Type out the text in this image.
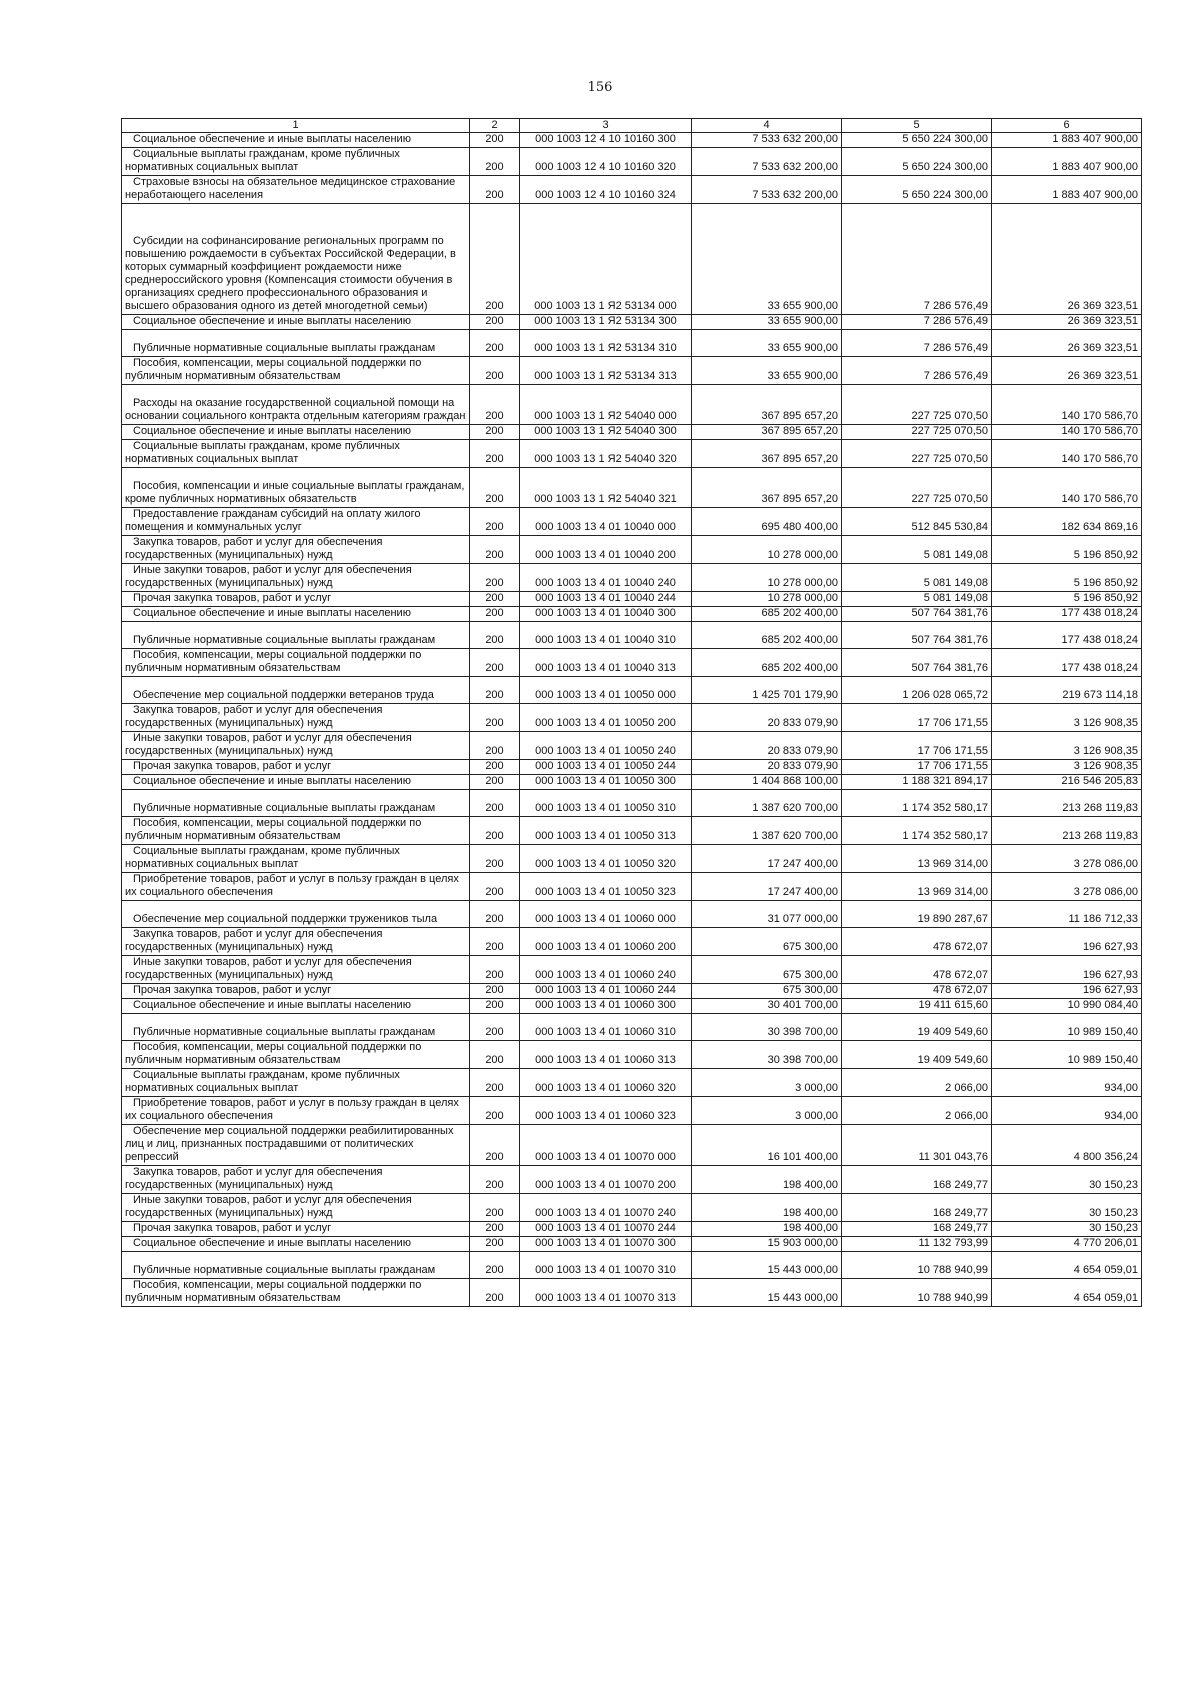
156
1	2	3	4	5	6

Социальное обеспечение и иные выплаты населению	200	000 1003 12 4 10 10160 300	7 533 632 200,00	5 650 224 300,00	1 883 407 900,00

Социальные выплаты гражданам, кроме публичных нормативных социальных выплат	200	000 1003 12 4 10 10160 320	7 533 632 200,00	5 650 224 300,00	1 883 407 900,00

Страховые взносы на обязательное медицинское страхование неработающего населения	200	000 1003 12 4 10 10160 324	7 533 632 200,00	5 650 224 300,00	1 883 407 900,00

Субсидии на софинансирование региональных программ по повышению рождаемости в субъектах Российской Федерации, в которых суммарный коэффициент рождаемости ниже среднероссийского уровня (Компенсация стоимости обучения в организациях среднего профессионального образования и высшего образования одного из детей многодетной семьи)	200	000 1003 13 1 Я2 53134 000	33 655 900,00	7 286 576,49	26 369 323,51

Социальное обеспечение и иные выплаты населению	200	000 1003 13 1 Я2 53134 300	33 655 900,00	7 286 576,49	26 369 323,51

Публичные нормативные социальные выплаты гражданам	200	000 1003 13 1 Я2 53134 310	33 655 900,00	7 286 576,49	26 369 323,51

Пособия, компенсации, меры социальной поддержки по публичным нормативным обязательствам	200	000 1003 13 1 Я2 53134 313	33 655 900,00	7 286 576,49	26 369 323,51

Расходы на оказание государственной социальной помощи на основании социального контракта отдельным категориям граждан	200	000 1003 13 1 Я2 54040 000	367 895 657,20	227 725 070,50	140 170 586,70

Социальное обеспечение и иные выплаты населению	200	000 1003 13 1 Я2 54040 300	367 895 657,20	227 725 070,50	140 170 586,70

Социальные выплаты гражданам, кроме публичных нормативных социальных выплат	200	000 1003 13 1 Я2 54040 320	367 895 657,20	227 725 070,50	140 170 586,70

Пособия, компенсации и иные социальные выплаты гражданам, кроме публичных нормативных обязательств	200	000 1003 13 1 Я2 54040 321	367 895 657,20	227 725 070,50	140 170 586,70

Предоставление гражданам субсидий на оплату жилого помещения и коммунальных услуг	200	000 1003 13 4 01 10040 000	695 480 400,00	512 845 530,84	182 634 869,16

Закупка товаров, работ и услуг для обеспечения государственных (муниципальных) нужд	200	000 1003 13 4 01 10040 200	10 278 000,00	5 081 149,08	5 196 850,92

Иные закупки товаров, работ и услуг для обеспечения государственных (муниципальных) нужд	200	000 1003 13 4 01 10040 240	10 278 000,00	5 081 149,08	5 196 850,92

Прочая закупка товаров, работ и услуг	200	000 1003 13 4 01 10040 244	10 278 000,00	5 081 149,08	5 196 850,92

Социальное обеспечение и иные выплаты населению	200	000 1003 13 4 01 10040 300	685 202 400,00	507 764 381,76	177 438 018,24

Публичные нормативные социальные выплаты гражданам	200	000 1003 13 4 01 10040 310	685 202 400,00	507 764 381,76	177 438 018,24

Пособия, компенсации, меры социальной поддержки по публичным нормативным обязательствам	200	000 1003 13 4 01 10040 313	685 202 400,00	507 764 381,76	177 438 018,24

Обеспечение мер социальной поддержки ветеранов труда	200	000 1003 13 4 01 10050 000	1 425 701 179,90	1 206 028 065,72	219 673 114,18

Закупка товаров, работ и услуг для обеспечения государственных (муниципальных) нужд	200	000 1003 13 4 01 10050 200	20 833 079,90	17 706 171,55	3 126 908,35

Иные закупки товаров, работ и услуг для обеспечения государственных (муниципальных) нужд	200	000 1003 13 4 01 10050 240	20 833 079,90	17 706 171,55	3 126 908,35

Прочая закупка товаров, работ и услуг	200	000 1003 13 4 01 10050 244	20 833 079,90	17 706 171,55	3 126 908,35

Социальное обеспечение и иные выплаты населению	200	000 1003 13 4 01 10050 300	1 404 868 100,00	1 188 321 894,17	216 546 205,83

Публичные нормативные социальные выплаты гражданам	200	000 1003 13 4 01 10050 310	1 387 620 700,00	1 174 352 580,17	213 268 119,83

Пособия, компенсации, меры социальной поддержки по публичным нормативным обязательствам	200	000 1003 13 4 01 10050 313	1 387 620 700,00	1 174 352 580,17	213 268 119,83

Социальные выплаты гражданам, кроме публичных нормативных социальных выплат	200	000 1003 13 4 01 10050 320	17 247 400,00	13 969 314,00	3 278 086,00

Приобретение товаров, работ и услуг в пользу граждан в целях их социального обеспечения	200	000 1003 13 4 01 10050 323	17 247 400,00	13 969 314,00	3 278 086,00

Обеспечение мер социальной поддержки тружеников тыла	200	000 1003 13 4 01 10060 000	31 077 000,00	19 890 287,67	11 186 712,33

Закупка товаров, работ и услуг для обеспечения государственных (муниципальных) нужд	200	000 1003 13 4 01 10060 200	675 300,00	478 672,07	196 627,93

Иные закупки товаров, работ и услуг для обеспечения государственных (муниципальных) нужд	200	000 1003 13 4 01 10060 240	675 300,00	478 672,07	196 627,93

Прочая закупка товаров, работ и услуг	200	000 1003 13 4 01 10060 244	675 300,00	478 672,07	196 627,93

Социальное обеспечение и иные выплаты населению	200	000 1003 13 4 01 10060 300	30 401 700,00	19 411 615,60	10 990 084,40

Публичные нормативные социальные выплаты гражданам	200	000 1003 13 4 01 10060 310	30 398 700,00	19 409 549,60	10 989 150,40

Пособия, компенсации, меры социальной поддержки по публичным нормативным обязательствам	200	000 1003 13 4 01 10060 313	30 398 700,00	19 409 549,60	10 989 150,40

Социальные выплаты гражданам, кроме публичных нормативных социальных выплат	200	000 1003 13 4 01 10060 320	3 000,00	2 066,00	934,00

Приобретение товаров, работ и услуг в пользу граждан в целях их социального обеспечения	200	000 1003 13 4 01 10060 323	3 000,00	2 066,00	934,00

Обеспечение мер социальной поддержки реабилитированных лиц и лиц, признанных пострадавшими от политических репрессий	200	000 1003 13 4 01 10070 000	16 101 400,00	11 301 043,76	4 800 356,24

Закупка товаров, работ и услуг для обеспечения государственных (муниципальных) нужд	200	000 1003 13 4 01 10070 200	198 400,00	168 249,77	30 150,23

Иные закупки товаров, работ и услуг для обеспечения государственных (муниципальных) нужд	200	000 1003 13 4 01 10070 240	198 400,00	168 249,77	30 150,23

Прочая закупка товаров, работ и услуг	200	000 1003 13 4 01 10070 244	198 400,00	168 249,77	30 150,23

Социальное обеспечение и иные выплаты населению	200	000 1003 13 4 01 10070 300	15 903 000,00	11 132 793,99	4 770 206,01

Публичные нормативные социальные выплаты гражданам	200	000 1003 13 4 01 10070 310	15 443 000,00	10 788 940,99	4 654 059,01

Пособия, компенсации, меры социальной поддержки по публичным нормативным обязательствам	200	000 1003 13 4 01 10070 313	15 443 000,00	10 788 940,99	4 654 059,01
